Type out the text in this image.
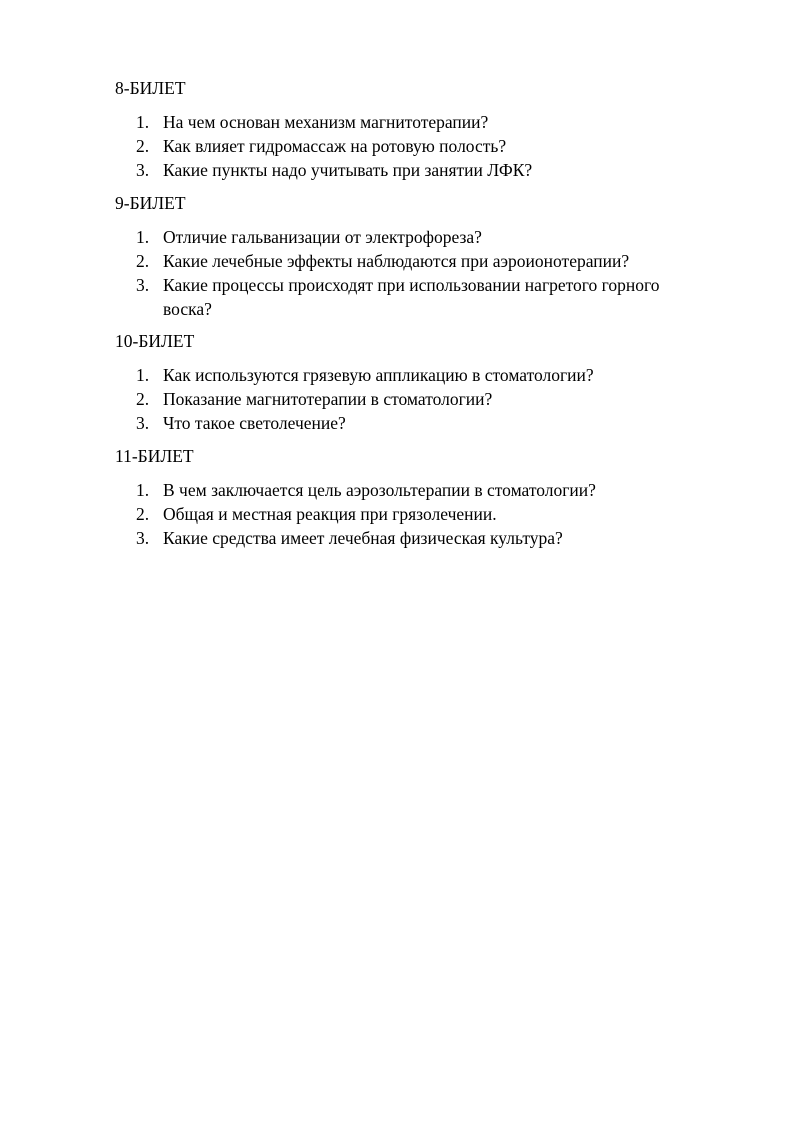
8-БИЛЕТ
1. На чем основан механизм магнитотерапии?
2. Как влияет гидромассаж на ротовую полость?
3. Какие пункты надо учитывать при занятии ЛФК?
9-БИЛЕТ
1. Отличие гальванизации от электрофореза?
2. Какие лечебные эффекты наблюдаются при аэроионотерапии?
3. Какие процессы происходят при использовании нагретого горного воска?
10-БИЛЕТ
1. Как используются грязевую аппликацию в стоматологии?
2. Показание магнитотерапии в стоматологии?
3. Что такое светолечение?
11-БИЛЕТ
1. В чем заключается цель аэрозольтерапии в стоматологии?
2. Общая и местная реакция при грязолечении.
3. Какие средства имеет лечебная физическая культура?
